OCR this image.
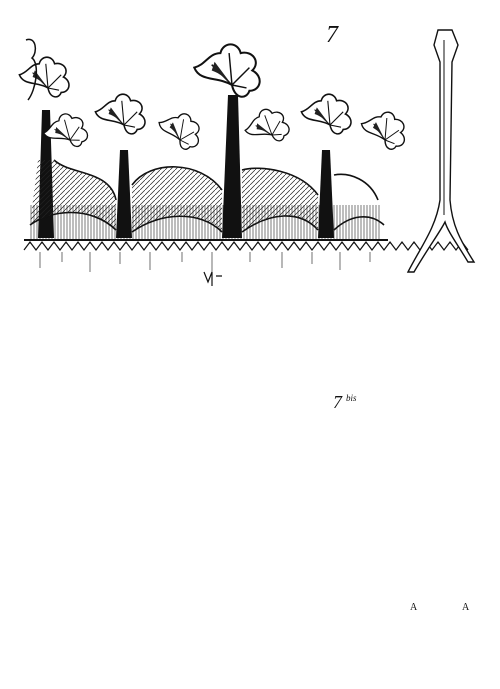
7
7 $^{bis}$
A	A
